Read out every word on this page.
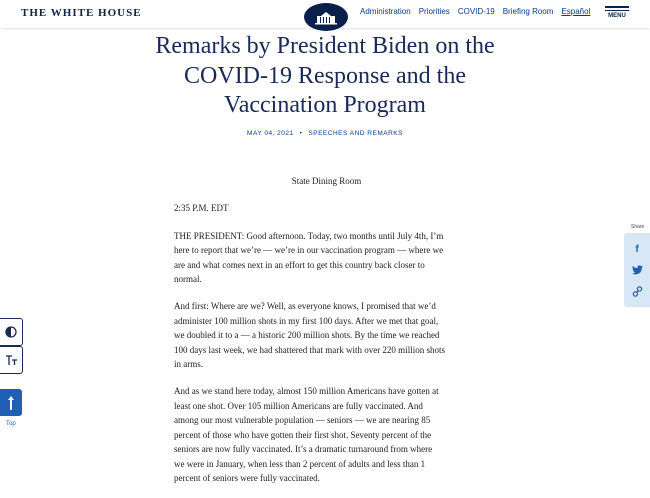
THE WHITE HOUSE	Administration Priorities COVID-19 Briefing Room Español	MENU
Remarks by President Biden on the
COVID-19 Response and the
Vaccination Program
MAY 04, 2021 • SPEECHES AND REMARKS

State Dining Room

2:35 P.M. EDT

THE PRESIDENT: Good afternoon. Today, two months until July 4th, I’m
here to report that we’re — we’re in our vaccination program — where we
are and what comes next in an effort to get this country back closer to
normal.

And first: Where are we? Well, as everyone knows, I promised that we’d
administer 100 million shots in my first 100 days. After we met that goal,
we doubled it to a — a historic 200 million shots. By the time we reached
100 days last week, we had shattered that mark with over 220 million shots
in arms.

And as we stand here today, almost 150 million Americans have gotten at
least one shot. Over 105 million Americans are fully vaccinated. And
among our most vulnerable population — seniors — we are nearing 85
percent of those who have gotten their first shot. Seventy percent of the
seniors are now fully vaccinated. It’s a dramatic turnaround from where
we were in January, when less than 2 percent of adults and less than 1
percent of seniors were fully vaccinated.

Share
f
Top
